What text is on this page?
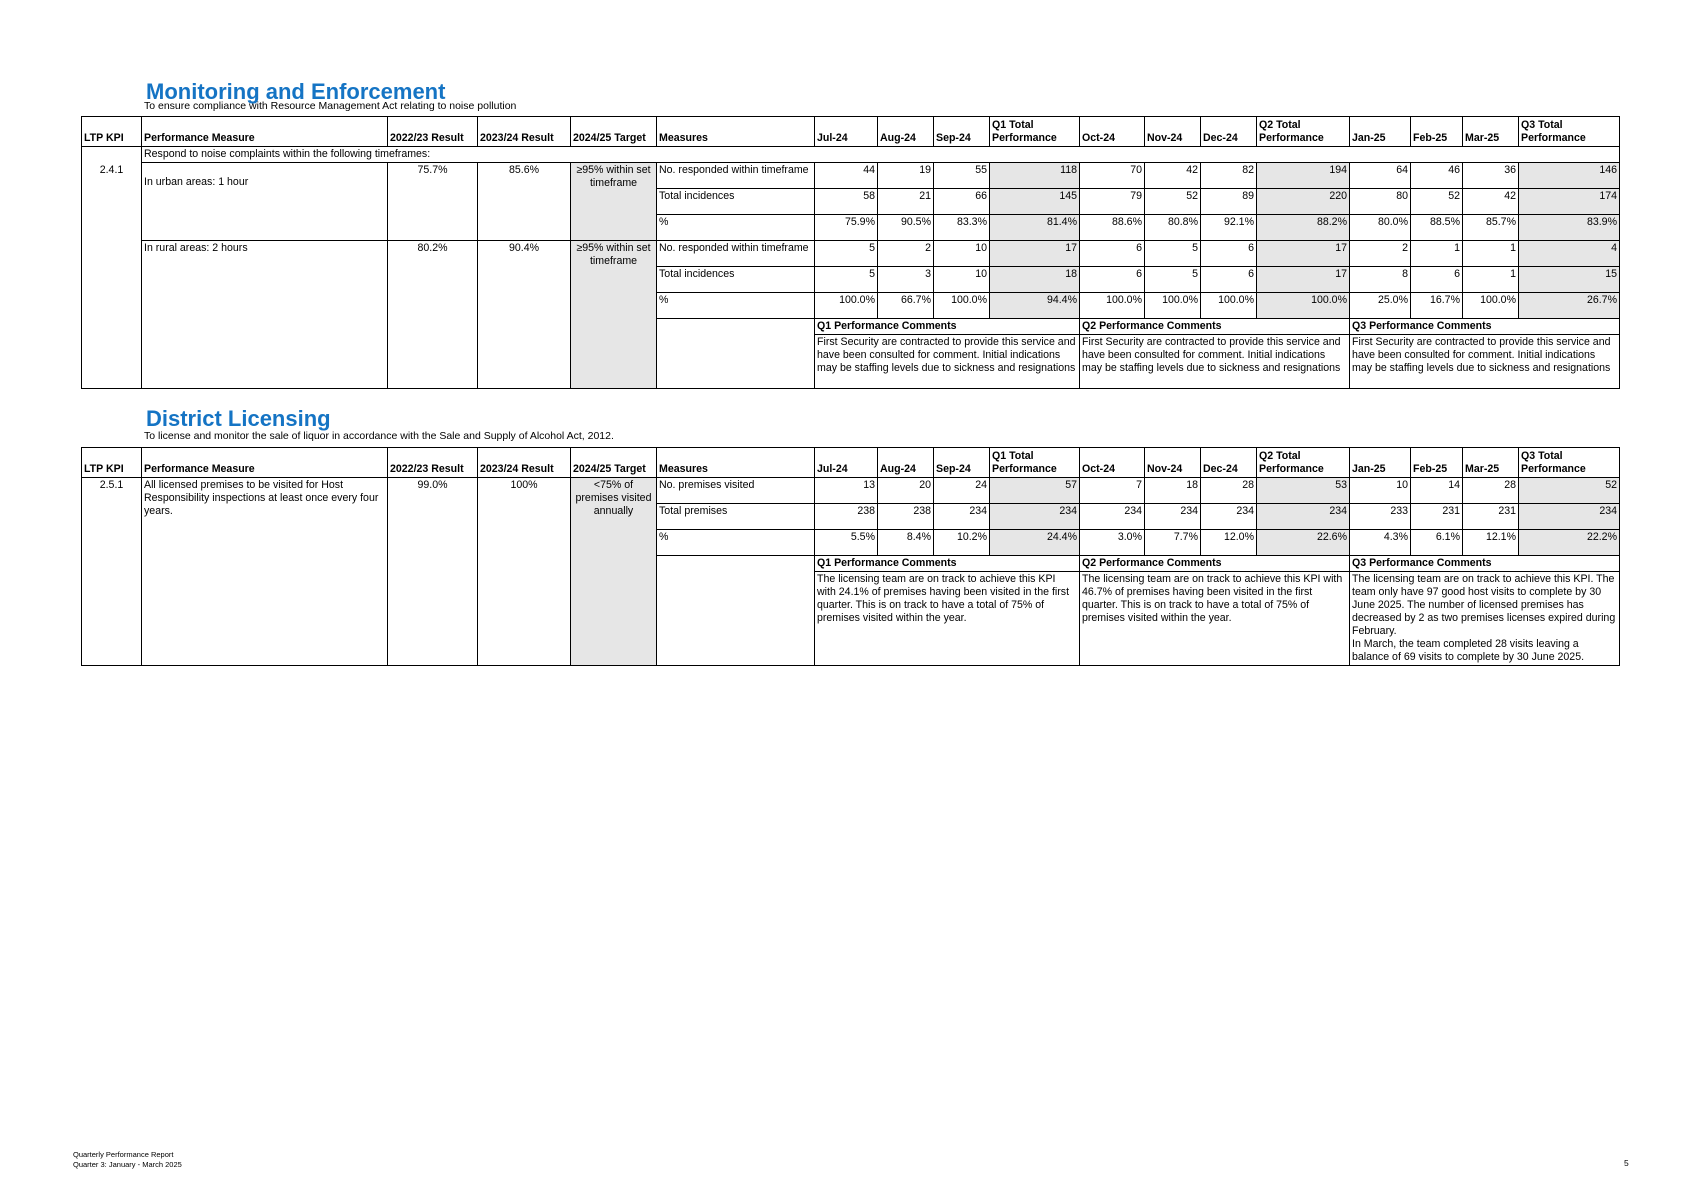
Monitoring and Enforcement
To ensure compliance with Resource Management Act relating to noise pollution
LTP KPI	Performance Measure	2022/23 Result	2023/24 Result	2024/25 Target	Measures	Jul-24	Aug-24	Sep-24	Q1 Total Performance	Oct-24	Nov-24	Dec-24	Q2 Total Performance	Jan-25	Feb-25	Mar-25	Q3 Total Performance
	Respond to noise complaints within the following timeframes:																
2.4.1	In urban areas: 1 hour	75.7%	85.6%	≥95% within set timeframe	No. responded within timeframe	44	19	55	118	70	42	82	194	64	46	36	146
					Total incidences	58	21	66	145	79	52	89	220	80	52	42	174
					%	75.9%	90.5%	83.3%	81.4%	88.6%	80.8%	92.1%	88.2%	80.0%	88.5%	85.7%	83.9%
	In rural areas: 2 hours	80.2%	90.4%	≥95% within set timeframe	No. responded within timeframe	5	2	10	17	6	5	6	17	2	1	1	4
					Total incidences	5	3	10	18	6	5	6	17	8	6	1	15
					%	100.0%	66.7%	100.0%	94.4%	100.0%	100.0%	100.0%	100.0%	25.0%	16.7%	100.0%	26.7%
						Q1 Performance Comments				Q2 Performance Comments				Q3 Performance Comments			
						First Security are contracted to provide this service and have been consulted for comment. Initial indications may be staffing levels due to sickness and resignations				First Security are contracted to provide this service and have been consulted for comment. Initial indications may be staffing levels due to sickness and resignations				First Security are contracted to provide this service and have been consulted for comment. Initial indications may be staffing levels due to sickness and resignations			
District Licensing
To license and monitor the sale of liquor in accordance with the Sale and Supply of Alcohol Act, 2012.
LTP KPI	Performance Measure	2022/23 Result	2023/24 Result	2024/25 Target	Measures	Jul-24	Aug-24	Sep-24	Q1 Total Performance	Oct-24	Nov-24	Dec-24	Q2 Total Performance	Jan-25	Feb-25	Mar-25	Q3 Total Performance
2.5.1	All licensed premises to be visited for Host Responsibility inspections at least once every four years.	99.0%	100%	<75% of premises visited annually	No. premises visited	13	20	24	57	7	18	28	53	10	14	28	52
					Total premises	238	238	234	234	234	234	234	234	233	231	231	234
					%	5.5%	8.4%	10.2%	24.4%	3.0%	7.7%	12.0%	22.6%	4.3%	6.1%	12.1%	22.2%
						Q1 Performance Comments				Q2 Performance Comments				Q3 Performance Comments			
						The licensing team are on track to achieve this KPI with 24.1% of premises having been visited in the first quarter. This is on track to have a total of 75% of premises visited within the year.				The licensing team are on track to achieve this KPI with 46.7% of premises having been visited in the first quarter. This is on track to have a total of 75% of premises visited within the year.				The licensing team are on track to achieve this KPI. The team only have 97 good host visits to complete by 30 June 2025. The number of licensed premises has decreased by 2 as two premises licenses expired during February.
In March, the team completed 28 visits leaving a balance of 69 visits to complete by 30 June 2025.			
Quarterly Performance Report
Quarter 3: January - March 2025	5
